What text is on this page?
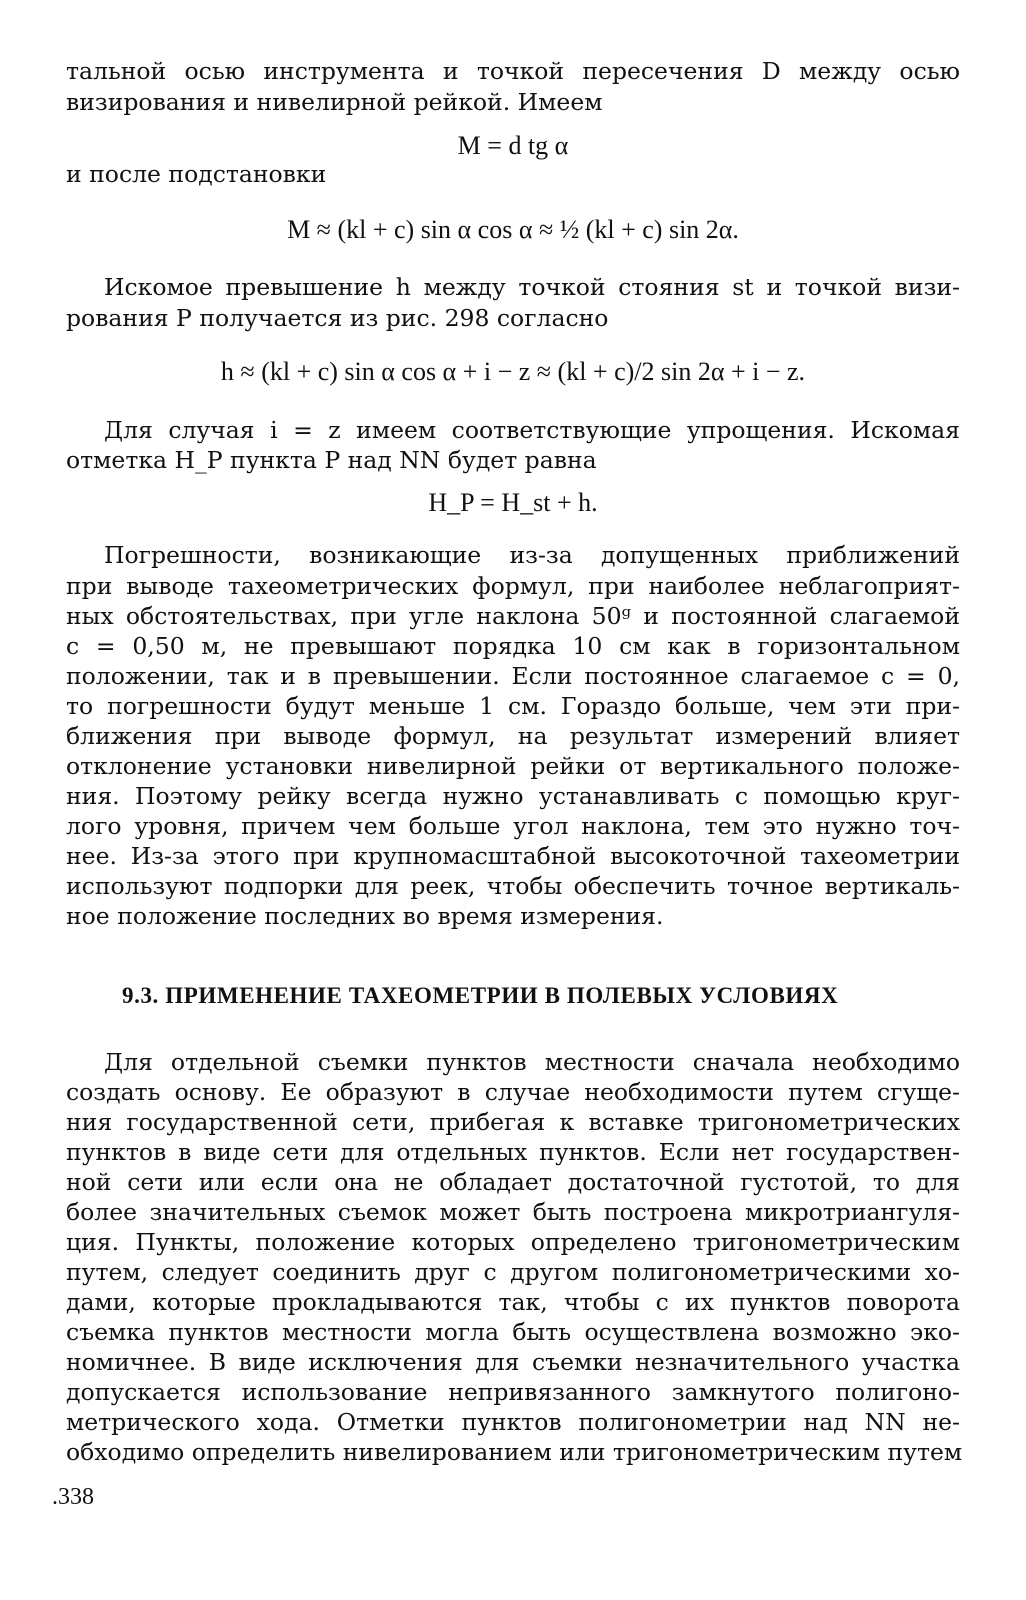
тальной осью инструмента и точкой пересечения D между осью
визирования и нивелирной рейкой. Имеем
M = d tg α
и после подстановки
M ≈ (kl + c) sin α cos α ≈ ½ (kl + c) sin 2α.
Искомое превышение h между точкой стояния st и точкой визи-
рования P получается из рис. 298 согласно
h ≈ (kl + c) sin α cos α + i − z ≈ (kl + c)/2 sin 2α + i − z.
Для случая i = z имеем соответствующие упрощения. Искомая
отметка H_P пункта P над NN будет равна
H_P = H_st + h.
Погрешности, возникающие из-за допущенных приближений
при выводе тахеометрических формул, при наиболее неблагоприят-
ных обстоятельствах, при угле наклона 50ᵍ и постоянной слагаемой
c = 0,50 м, не превышают порядка 10 см как в горизонтальном
положении, так и в превышении. Если постоянное слагаемое c = 0,
то погрешности будут меньше 1 см. Гораздо больше, чем эти при-
ближения при выводе формул, на результат измерений влияет
отклонение установки нивелирной рейки от вертикального положе-
ния. Поэтому рейку всегда нужно устанавливать с помощью круг-
лого уровня, причем чем больше угол наклона, тем это нужно точ-
нее. Из-за этого при крупномасштабной высокоточной тахеометрии
используют подпорки для реек, чтобы обеспечить точное вертикаль-
ное положение последних во время измерения.
9.3. ПРИМЕНЕНИЕ ТАХЕОМЕТРИИ В ПОЛЕВЫХ УСЛОВИЯХ
Для отдельной съемки пунктов местности сначала необходимо
создать основу. Ее образуют в случае необходимости путем сгуще-
ния государственной сети, прибегая к вставке тригонометрических
пунктов в виде сети для отдельных пунктов. Если нет государствен-
ной сети или если она не обладает достаточной густотой, то для
более значительных съемок может быть построена микротриангуля-
ция. Пункты, положение которых определено тригонометрическим
путем, следует соединить друг с другом полигонометрическими хо-
дами, которые прокладываются так, чтобы с их пунктов поворота
съемка пунктов местности могла быть осуществлена возможно эко-
номичнее. В виде исключения для съемки незначительного участка
допускается использование непривязанного замкнутого полигоно-
метрического хода. Отметки пунктов полигонометрии над NN не-
обходимо определить нивелированием или тригонометрическим путем
.338
